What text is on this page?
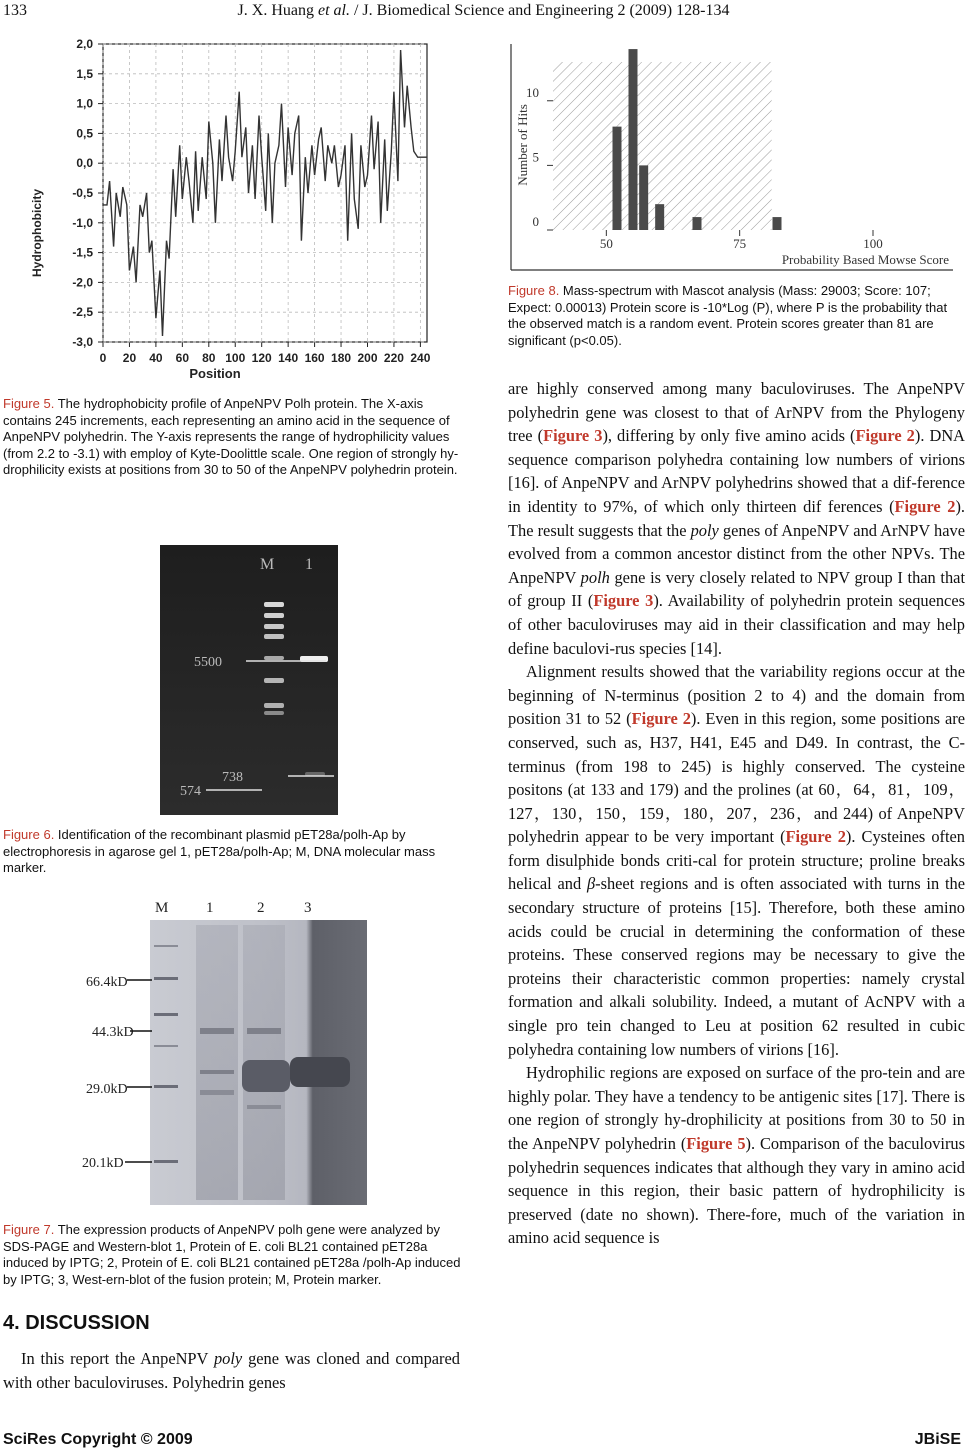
133	J. X. Huang et al. / J. Biomedical Science and Engineering 2 (2009) 128-134
0 20 40 60 80 100 120 140 160 180 200 220 240
2,0
1,5
1,0
0,5
0,0
-0,5
-1,0
-1,5
-2,0
-2,5
-3,0
Position
Hydrophobicity
Figure 5. The hydrophobicity profile of AnpeNPV Polh protein. The X-axis contains 245 increments, each representing an amino acid in the sequence of AnpeNPV polyhedrin. The Y-axis represents the range of hydrophilicity values (from 2.2 to -3.1) with employ of Kyte-Doolittle scale. One region of strongly hy-drophilicity exists at positions from 30 to 50 of the AnpeNPV polyhedrin protein.
M 1
5500
738
574
Figure 6. Identification of the recombinant plasmid pET28a/polh-Ap by electrophoresis in agarose gel 1, pET28a/polh-Ap; M, DNA molecular mass marker.
M	1	2	3
66.4kD
44.3kD
29.0kD
20.1kD
Figure 7. The expression products of AnpeNPV polh gene were analyzed by SDS-PAGE and Western-blot 1, Protein of E. coli BL21 contained pET28a induced by IPTG; 2, Protein of E. coli BL21 contained pET28a /polh-Ap induced by IPTG; 3, West-ern-blot of the fusion protein; M, Protein marker.
4. DISCUSSION

In this report the AnpeNPV poly gene was cloned and compared with other baculoviruses. Polyhedrin genes

0
5
10
50	75	100
Number of Hits
Probability Based Mowse Score
Figure 8. Mass-spectrum with Mascot analysis (Mass: 29003; Score: 107; Expect: 0.00013) Protein score is -10*Log (P), where P is the probability that the observed match is a random event. Protein scores greater than 81 are significant (p<0.05).

are highly conserved among many baculoviruses. The AnpeNPV polyhedrin gene was closest to that of ArNPV from the Phylogeny tree (Figure 3), differing by only five amino acids (Figure 2). DNA sequence comparison polyhedra containing low numbers of virions [16]. of AnpeNPV and ArNPV polyhedrins showed that a dif-ference in identity to 97%, of which only thirteen dif ferences (Figure 2). The result suggests that the poly genes of AnpeNPV and ArNPV have evolved from a common ancestor distinct from the other NPVs. The AnpeNPV polh gene is very closely related to NPV group I than that of group II (Figure 3). Availability of polyhedrin protein sequences of other baculoviruses may aid in their classification and may help define baculovi-rus species [14].

Alignment results showed that the variability regions occur at the beginning of N-terminus (position 2 to 4) and the domain from position 31 to 52 (Figure 2). Even in this region, some positions are conserved, such as, H37, H41, E45 and D49. In contrast, the C-terminus (from 198 to 245) is highly conserved. The cysteine positons (at 133 and 179) and the prolines (at 60，64，81，109，127，130，150，159，180，207，236，and 244) of AnpeNPV polyhedrin appear to be very important (Figure 2). Cysteines often form disulphide bonds criti-cal for protein structure; proline breaks helical and β-sheet regions and is often associated with turns in the secondary structure of proteins [15]. Therefore, both these amino acids could be crucial in determining the conformation of these proteins. These conserved regions may be necessary to give the proteins their characteristic common properties: namely crystal formation and alkali solubility. Indeed, a mutant of AcNPV with a single pro tein changed to Leu at position 62 resulted in cubic polyhedra containing low numbers of virions [16].

Hydrophilic regions are exposed on surface of the pro-tein and are highly polar. They have a tendency to be antigenic sites [17]. There is one region of strongly hy-drophilicity at positions from 30 to 50 in the AnpeNPV polyhedrin (Figure 5). Comparison of the baculovirus polyhedrin sequences indicates that although they vary in amino acid sequence in this region, their basic pattern of hydrophilicity is preserved (date no shown). There-fore, much of the variation in amino acid sequence is

SciRes Copyright © 2009	JBiSE
